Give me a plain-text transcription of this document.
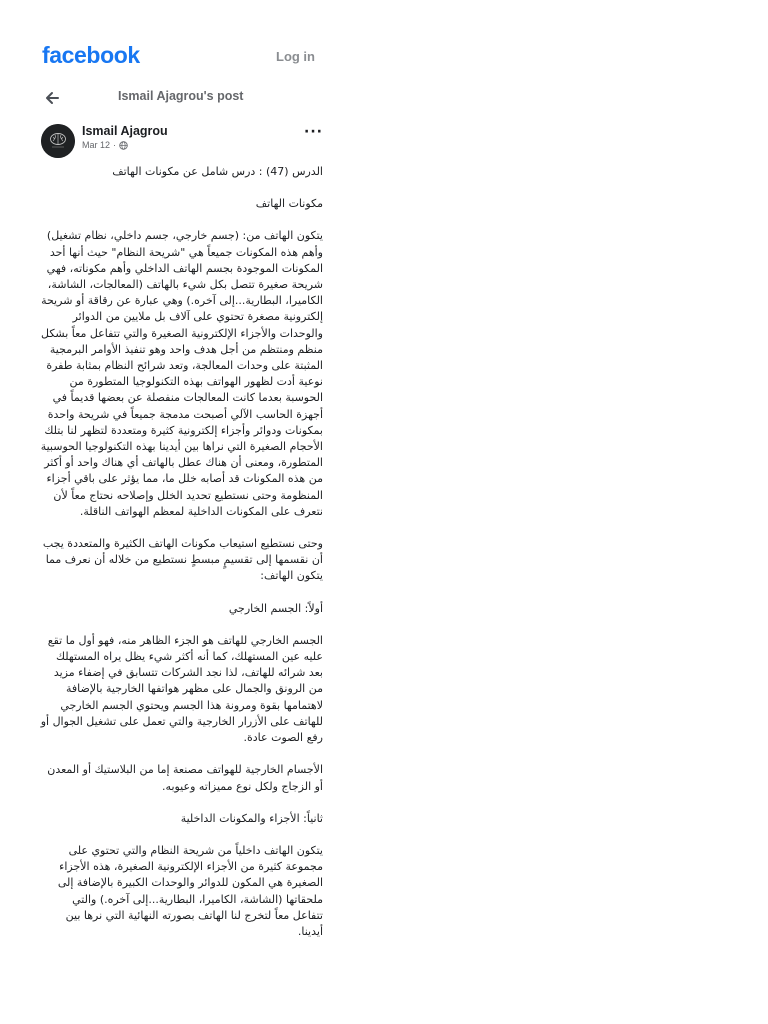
facebook	Log in
Ismail Ajagrou's post
Ismail Ajagrou
Mar 12 ·
···

الدرس (47) : درس شامل عن مكونات الهاتف

مكونات الهاتف

يتكون الهاتف من: (جسم خارجي، جسم داخلي، نظام تشغيل) وأهم هذه المكونات جميعاً هي "شريحة النظام" حيث أنها أحد المكونات الموجودة بجسم الهاتف الداخلي وأهم مكوناته، فهي شريحة صغيرة تتصل بكل شيء بالهاتف (المعالجات، الشاشة، الكاميرا، البطارية...إلى آخره.) وهي عبارة عن رقاقة أو شريحة إلكترونية مصغرة تحتوي على آلاف بل ملايين من الدوائر والوحدات والأجزاء الإلكترونية الصغيرة والتي تتفاعل معاً بشكل منظم ومنتظم من أجل هدف واحد وهو تنفيذ الأوامر البرمجية المثبتة على وحدات المعالجة، وتعد شرائح النظام بمثابة طفرة نوعية أدت لظهور الهواتف بهذه التكنولوجيا المتطورة من الحوسبة بعدما كانت المعالجات منفصلة عن بعضها قديماً في أجهزة الحاسب الآلي أصبحت مدمجة جميعاً في شريحة واحدة بمكونات ودوائر وأجزاء إلكترونية كثيرة ومتعددة لتظهر لنا بتلك الأحجام الصغيرة التي نراها بين أيدينا بهذه التكنولوجيا الحوسبية المتطورة، ومعنى أن هناك عطل بالهاتف أي هناك واحد أو أكثر من هذه المكونات قد أصابه خلل ما، مما يؤثر على باقي أجزاء المنظومة وحتى نستطيع تحديد الخلل وإصلاحه نحتاج معاً لأن نتعرف على المكونات الداخلية لمعظم الهواتف الناقلة.

وحتى نستطيع استيعاب مكونات الهاتف الكثيرة والمتعددة يجب أن نقسمها إلى تقسيمٍ مبسطٍ نستطيع من خلاله أن نعرف مما يتكون الهاتف:

أولاً: الجسم الخارجي

الجسم الخارجي للهاتف هو الجزء الظاهر منه، فهو أول ما تقع عليه عين المستهلك، كما أنه أكثر شيء يظل يراه المستهلك بعد شرائه للهاتف، لذا نجد الشركات تتسابق في إضفاء مزيد من الرونق والجمال على مظهر هواتفها الخارجية بالإضافة لاهتمامها بقوة ومرونة هذا الجسم ويحتوي الجسم الخارجي للهاتف على الأزرار الخارجية والتي تعمل على تشغيل الجوال أو رفع الصوت عادة.

الأجسام الخارجية للهواتف مصنعة إما من البلاستيك أو المعدن أو الزجاج ولكل نوع مميزاته وعيوبه.

ثانياً: الأجزاء والمكونات الداخلية

يتكون الهاتف داخلياً من شريحة النظام والتي تحتوي على مجموعة كثيرة من الأجزاء الإلكترونية الصغيرة، هذه الأجزاء الصغيرة هي المكون للدوائر والوحدات الكبيرة بالإضافة إلى ملحقاتها (الشاشة، الكاميرا، البطارية...إلى آخره.) والتي تتفاعل معاً لتخرج لنا الهاتف بصورته النهائية التي نرها بين أيدينا.
